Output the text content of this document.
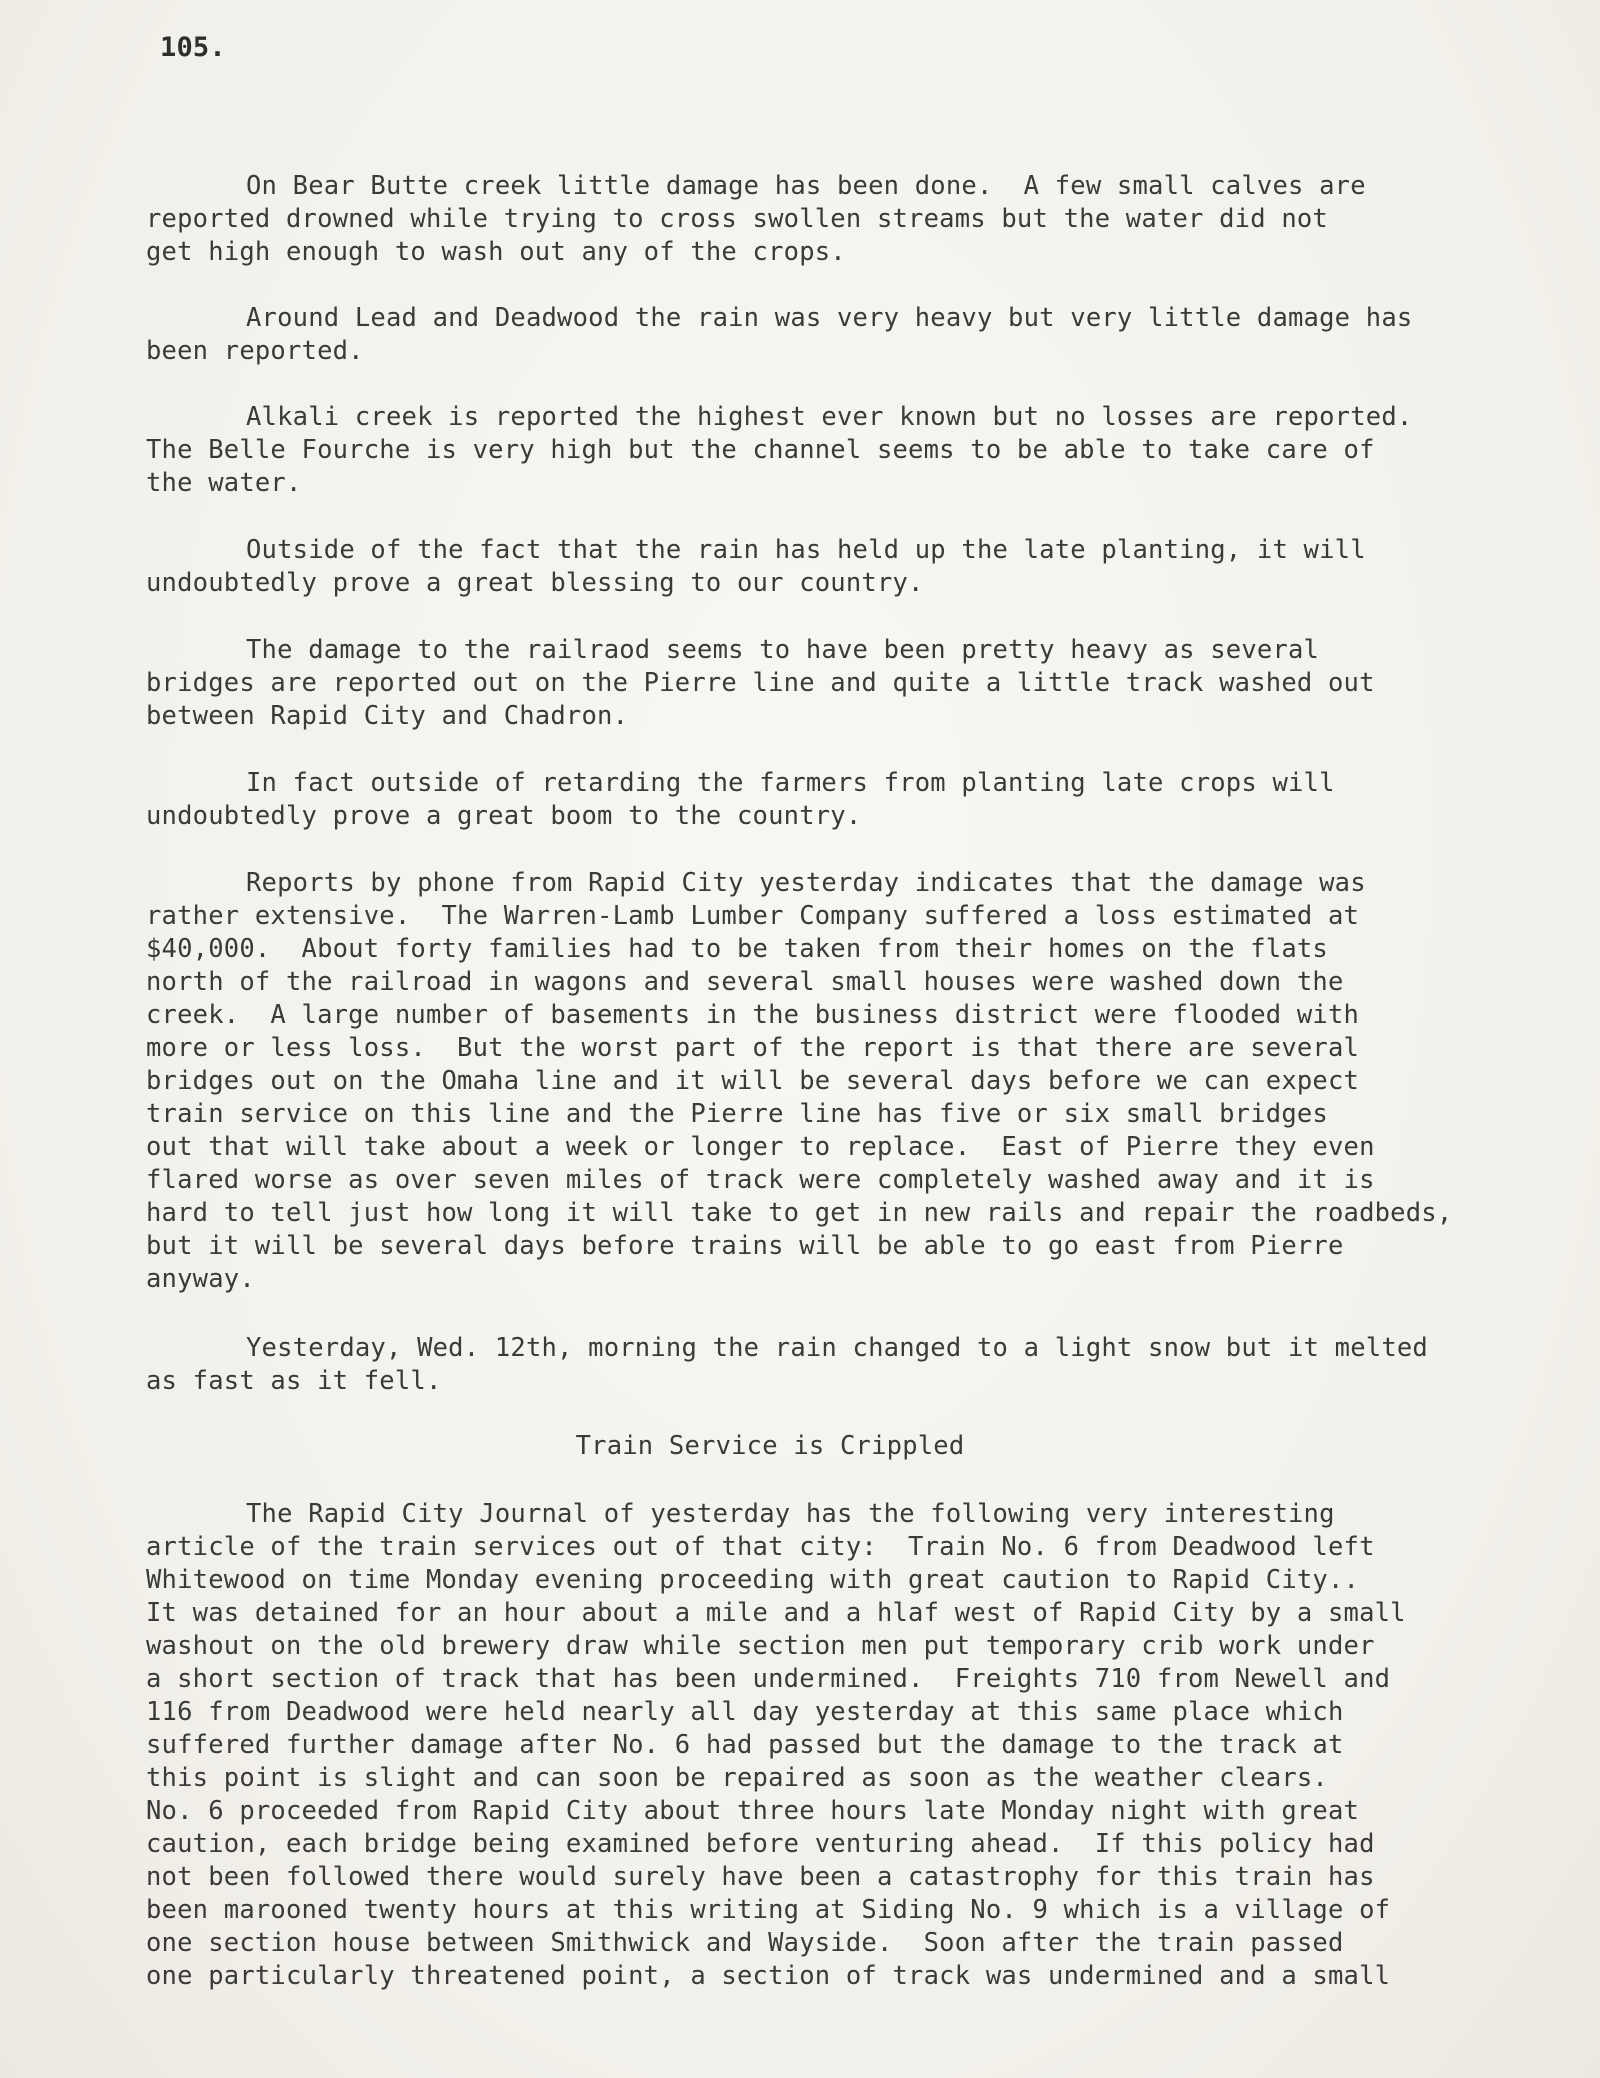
105.
On Bear Butte creek little damage has been done.  A few small calves are
reported drowned while trying to cross swollen streams but the water did not
get high enough to wash out any of the crops.
Around Lead and Deadwood the rain was very heavy but very little damage has
been reported.
Alkali creek is reported the highest ever known but no losses are reported.
The Belle Fourche is very high but the channel seems to be able to take care of
the water.
Outside of the fact that the rain has held up the late planting, it will
undoubtedly prove a great blessing to our country.
The damage to the railraod seems to have been pretty heavy as several
bridges are reported out on the Pierre line and quite a little track washed out
between Rapid City and Chadron.
In fact outside of retarding the farmers from planting late crops will
undoubtedly prove a great boom to the country.
Reports by phone from Rapid City yesterday indicates that the damage was
rather extensive.  The Warren-Lamb Lumber Company suffered a loss estimated at
$40,000.  About forty families had to be taken from their homes on the flats
north of the railroad in wagons and several small houses were washed down the
creek.  A large number of basements in the business district were flooded with
more or less loss.  But the worst part of the report is that there are several
bridges out on the Omaha line and it will be several days before we can expect
train service on this line and the Pierre line has five or six small bridges
out that will take about a week or longer to replace.  East of Pierre they even
flared worse as over seven miles of track were completely washed away and it is
hard to tell just how long it will take to get in new rails and repair the roadbeds,
but it will be several days before trains will be able to go east from Pierre
anyway.
Yesterday, Wed. 12th, morning the rain changed to a light snow but it melted
as fast as it fell.
Train Service is Crippled
The Rapid City Journal of yesterday has the following very interesting
article of the train services out of that city:  Train No. 6 from Deadwood left
Whitewood on time Monday evening proceeding with great caution to Rapid City..
It was detained for an hour about a mile and a hlaf west of Rapid City by a small
washout on the old brewery draw while section men put temporary crib work under
a short section of track that has been undermined.  Freights 710 from Newell and
116 from Deadwood were held nearly all day yesterday at this same place which
suffered further damage after No. 6 had passed but the damage to the track at
this point is slight and can soon be repaired as soon as the weather clears.
No. 6 proceeded from Rapid City about three hours late Monday night with great
caution, each bridge being examined before venturing ahead.  If this policy had
not been followed there would surely have been a catastrophy for this train has
been marooned twenty hours at this writing at Siding No. 9 which is a village of
one section house between Smithwick and Wayside.  Soon after the train passed
one particularly threatened point, a section of track was undermined and a small
